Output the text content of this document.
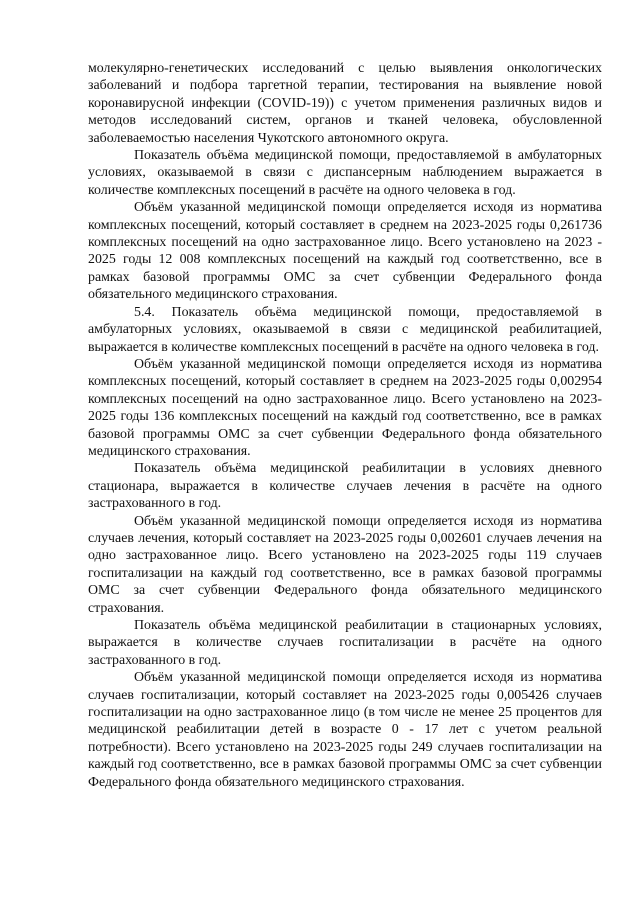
молекулярно-генетических исследований с целью выявления онкологических заболеваний и подбора таргетной терапии, тестирования на выявление новой коронавирусной инфекции (COVID-19)) с учетом применения различных видов и методов исследований систем, органов и тканей человека, обусловленной заболеваемостью населения Чукотского автономного округа.

Показатель объёма медицинской помощи, предоставляемой в амбулаторных условиях, оказываемой в связи с диспансерным наблюдением выражается в количестве комплексных посещений в расчёте на одного человека в год.

Объём указанной медицинской помощи определяется исходя из норматива комплексных посещений, который составляет в среднем на 2023-2025 годы 0,261736 комплексных посещений на одно застрахованное лицо. Всего установлено на 2023 - 2025 годы 12 008 комплексных посещений на каждый год соответственно, все в рамках базовой программы ОМС за счет субвенции Федерального фонда обязательного медицинского страхования.

5.4. Показатель объёма медицинской помощи, предоставляемой в амбулаторных условиях, оказываемой в связи с медицинской реабилитацией, выражается в количестве комплексных посещений в расчёте на одного человека в год.

Объём указанной медицинской помощи определяется исходя из норматива комплексных посещений, который составляет в среднем на 2023-2025 годы 0,002954 комплексных посещений на одно застрахованное лицо. Всего установлено на 2023-2025 годы 136 комплексных посещений на каждый год соответственно, все в рамках базовой программы ОМС за счет субвенции Федерального фонда обязательного медицинского страхования.

Показатель объёма медицинской реабилитации в условиях дневного стационара, выражается в количестве случаев лечения в расчёте на одного застрахованного в год.

Объём указанной медицинской помощи определяется исходя из норматива случаев лечения, который составляет на 2023-2025 годы 0,002601 случаев лечения на одно застрахованное лицо. Всего установлено на 2023-2025 годы 119 случаев госпитализации на каждый год соответственно, все в рамках базовой программы ОМС за счет субвенции Федерального фонда обязательного медицинского страхования.

Показатель объёма медицинской реабилитации в стационарных условиях, выражается в количестве случаев госпитализации в расчёте на одного застрахованного в год.

Объём указанной медицинской помощи определяется исходя из норматива случаев госпитализации, который составляет на 2023-2025 годы 0,005426 случаев госпитализации на одно застрахованное лицо (в том числе не менее 25 процентов для медицинской реабилитации детей в возрасте 0 - 17 лет с учетом реальной потребности). Всего установлено на 2023-2025 годы 249 случаев госпитализации на каждый год соответственно, все в рамках базовой программы ОМС за счет субвенции Федерального фонда обязательного медицинского страхования.
